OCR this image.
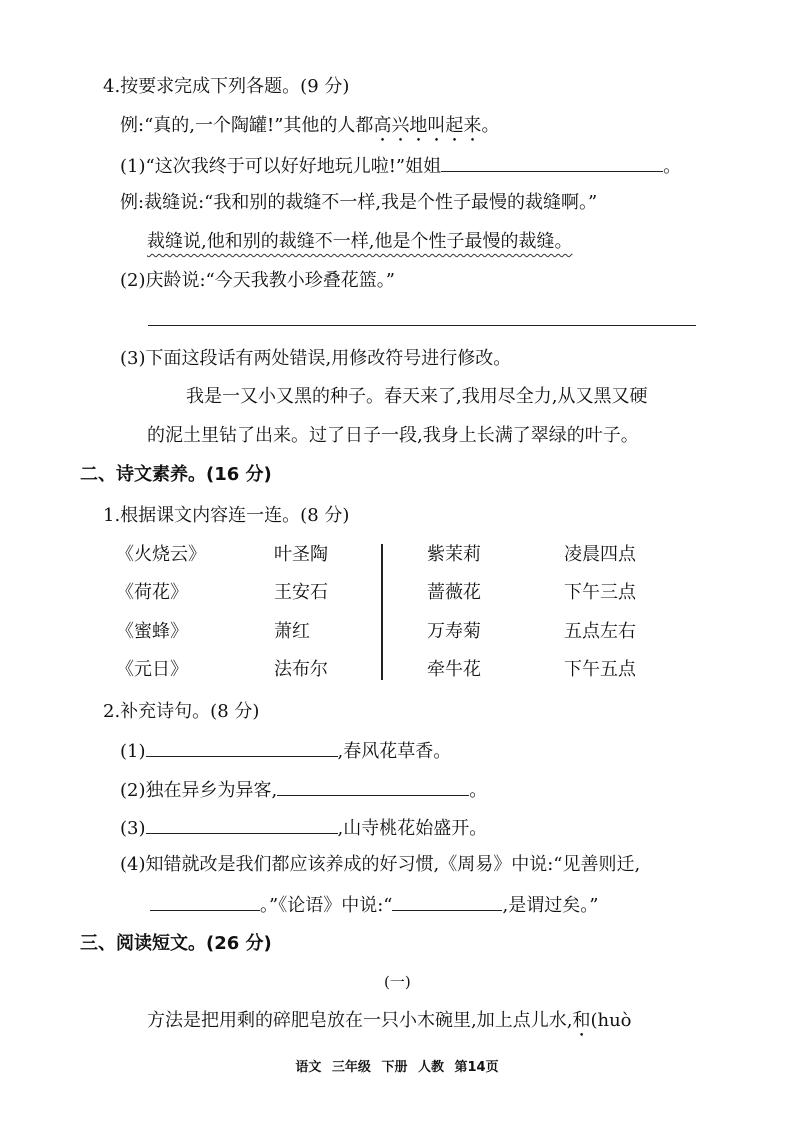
4.按要求完成下列各题。(9 分)
例:“真的,一个陶罐!”其他的人都高兴地叫起来。
(1)“这次我终于可以好好地玩儿啦!”姐姐	。
例:裁缝说:“我和别的裁缝不一样,我是个性子最慢的裁缝啊。”
裁缝说,他和别的裁缝不一样,他是个性子最慢的裁缝。
(2)庆龄说:“今天我教小珍叠花篮。”
(3)下面这段话有两处错误,用修改符号进行修改。
我是一又小又黑的种子。春天来了,我用尽全力,从又黑又硬
的泥土里钻了出来。过了日子一段,我身上长满了翠绿的叶子。
二、诗文素养。(16 分)
1.根据课文内容连一连。(8 分)
《火烧云》	叶圣陶	紫茉莉	凌晨四点
《荷花》	王安石	蔷薇花	下午三点
《蜜蜂》	萧红	万寿菊	五点左右
《元日》	法布尔	牵牛花	下午五点
2.补充诗句。(8 分)
(1)	,春风花草香。
(2)独在异乡为异客,	。
(3)	,山寺桃花始盛开。
(4)知错就改是我们都应该养成的好习惯,《周易》中说:“见善则迁,
。”《论语》中说:“	,是谓过矣。”
三、阅读短文。(26 分)
(一)
方法是把用剩的碎肥皂放在一只小木碗里,加上点儿水,和(huò
语文 三年级 下册 人教 第14页
